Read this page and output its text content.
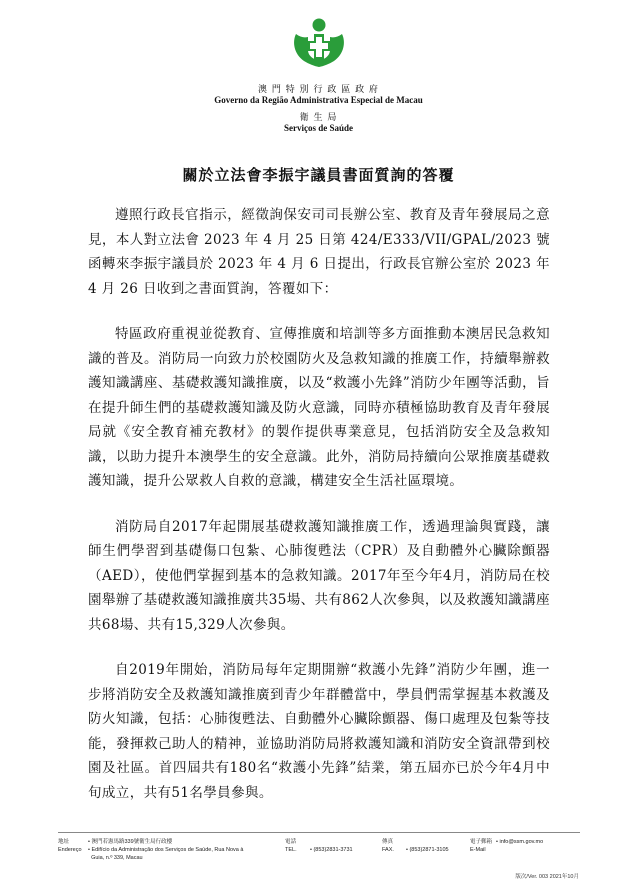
澳 門 特 別 行 政 區 政 府
Governo da Região Administrativa Especial de Macau
衛 生 局
Serviços de Saúde
關於立法會李振宇議員書面質詢的答覆

遵照行政長官指示，經徵詢保安司司長辦公室、教育及青年發展局之意見，本人對立法會 2023 年 4 月 25 日第 424/E333/VII/GPAL/2023 號函轉來李振宇議員於 2023 年 4 月 6 日提出，行政長官辦公室於 2023 年 4 月 26 日收到之書面質詢，答覆如下：

特區政府重視並從教育、宣傳推廣和培訓等多方面推動本澳居民急救知識的普及。消防局一向致力於校園防火及急救知識的推廣工作，持續舉辦救護知識講座、基礎救護知識推廣，以及“救護小先鋒”消防少年團等活動，旨在提升師生們的基礎救護知識及防火意識，同時亦積極協助教育及青年發展局就《安全教育補充教材》的製作提供專業意見，包括消防安全及急救知識，以助力提升本澳學生的安全意識。此外，消防局持續向公眾推廣基礎救護知識，提升公眾救人自救的意識，構建安全生活社區環境。

消防局自2017年起開展基礎救護知識推廣工作，透過理論與實踐，讓師生們學習到基礎傷口包紮、心肺復甦法（CPR）及自動體外心臟除顫器（AED），使他們掌握到基本的急救知識。2017年至今年4月，消防局在校園舉辦了基礎救護知識推廣共35場、共有862人次參與，以及救護知識講座共68場、共有15,329人次參與。

自2019年開始，消防局每年定期開辦“救護小先鋒”消防少年團，進一步將消防安全及救護知識推廣到青少年群體當中，學員們需掌握基本救護及防火知識，包括：心肺復甦法、自動體外心臟除顫器、傷口處理及包紮等技能，發揮救己助人的精神，並協助消防局將救護知識和消防安全資訊帶到校園及社區。首四屆共有180名“救護小先鋒”結業，第五屆亦已於今年4月中旬成立，共有51名學員參與。

地址
Endereço
• 澳門若憲馬路339號衛生局行政樓
• Edifício da Administração dos Serviços de Saúde, Rua Nova à
Guia, n.º 339, Macau
電話
TEL.
• (853)2831-3731
傳真
FAX.
• (853)2871-3105
電子郵箱
E-Mail
• info@ssm.gov.mo
版次/Ver. 003 2021年10月
